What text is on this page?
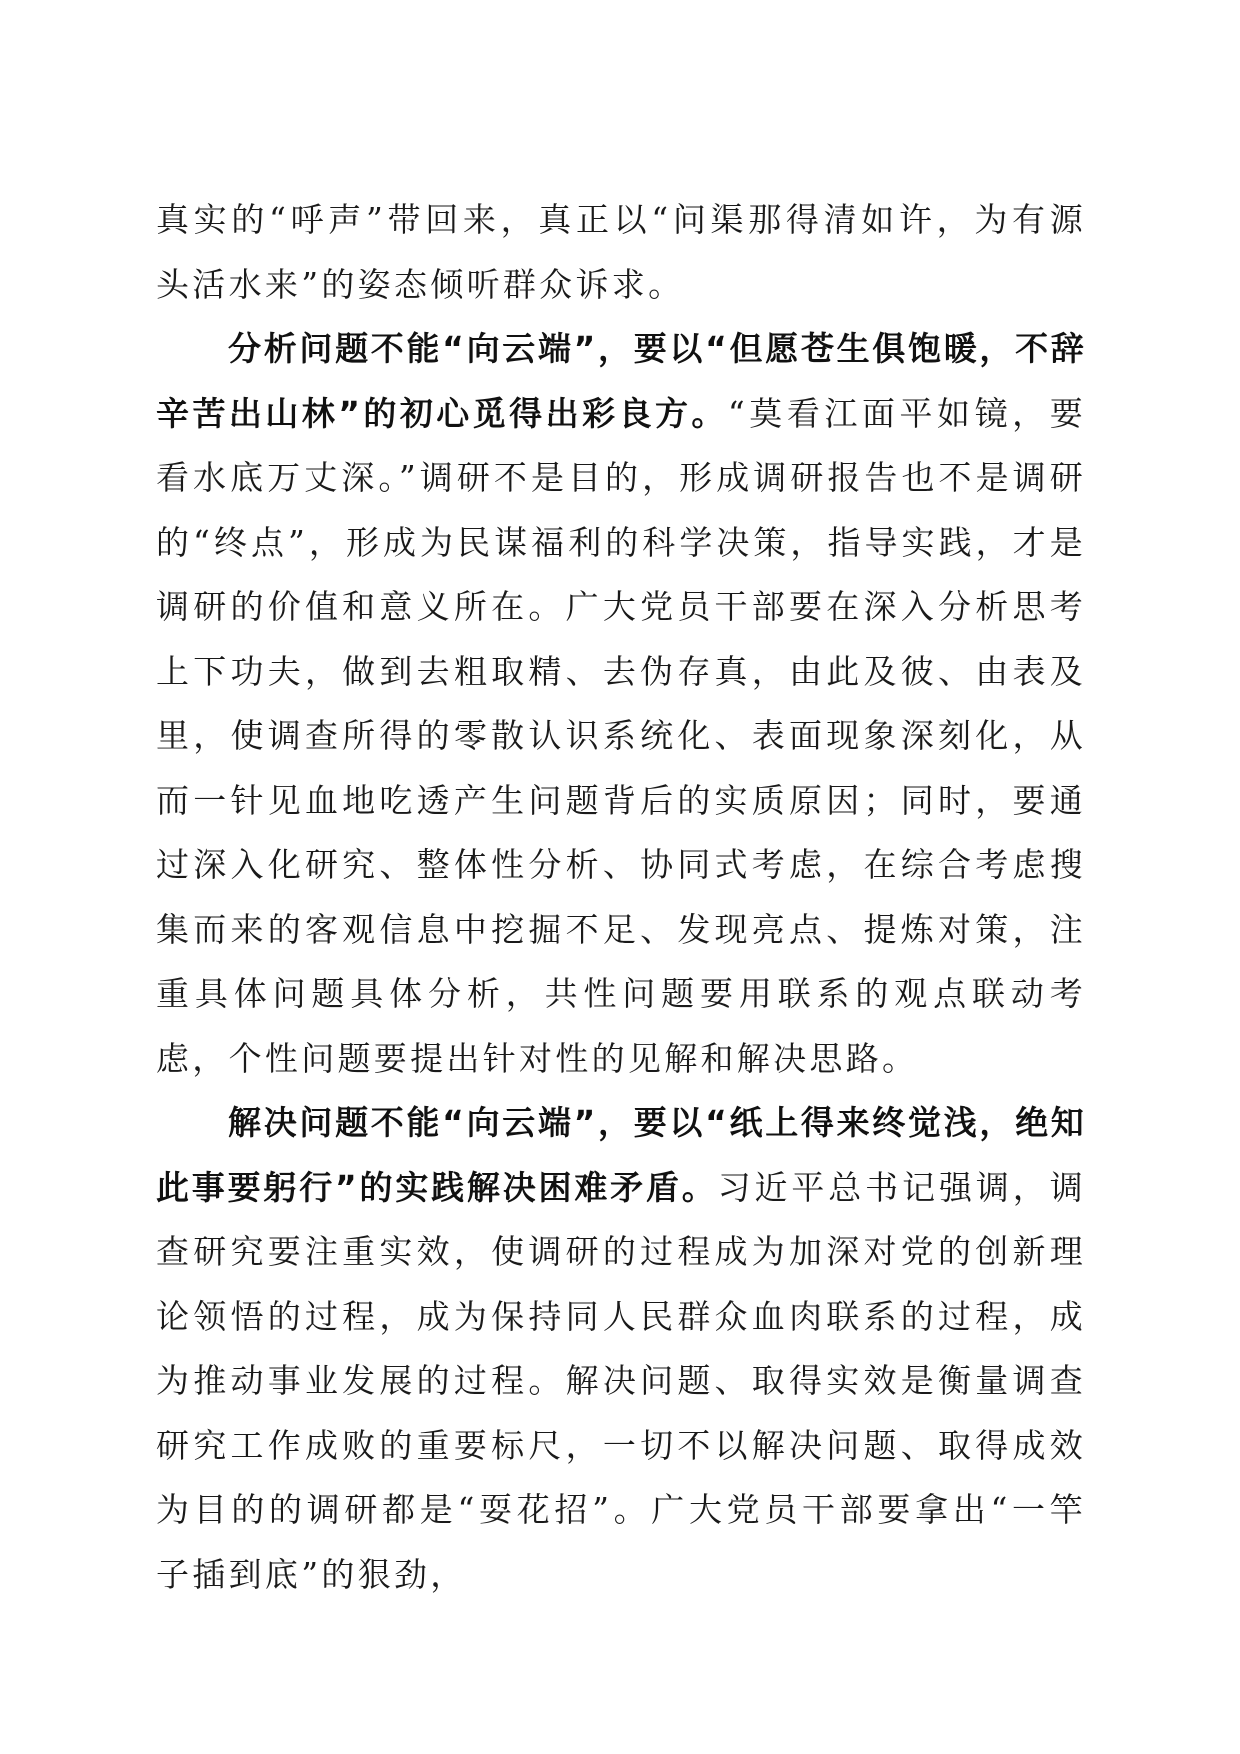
真实的“呼声”带回来，真正以“问渠那得清如许，为有源头活水来”的姿态倾听群众诉求。

分析问题不能“向云端”，要以“但愿苍生俱饱暖，不辞辛苦出山林”的初心觅得出彩良方。“莫看江面平如镜，要看水底万丈深。”调研不是目的，形成调研报告也不是调研的“终点”，形成为民谋福利的科学决策，指导实践，才是调研的价值和意义所在。广大党员干部要在深入分析思考上下功夫，做到去粗取精、去伪存真，由此及彼、由表及里，使调查所得的零散认识系统化、表面现象深刻化，从而一针见血地吃透产生问题背后的实质原因；同时，要通过深入化研究、整体性分析、协同式考虑，在综合考虑搜集而来的客观信息中挖掘不足、发现亮点、提炼对策，注重具体问题具体分析，共性问题要用联系的观点联动考虑，个性问题要提出针对性的见解和解决思路。

解决问题不能“向云端”，要以“纸上得来终觉浅，绝知此事要躬行”的实践解决困难矛盾。习近平总书记强调，调查研究要注重实效，使调研的过程成为加深对党的创新理论领悟的过程，成为保持同人民群众血肉联系的过程，成为推动事业发展的过程。解决问题、取得实效是衡量调查研究工作成败的重要标尺，一切不以解决问题、取得成效为目的的调研都是“耍花招”。广大党员干部要拿出“一竿子插到底”的狠劲，
